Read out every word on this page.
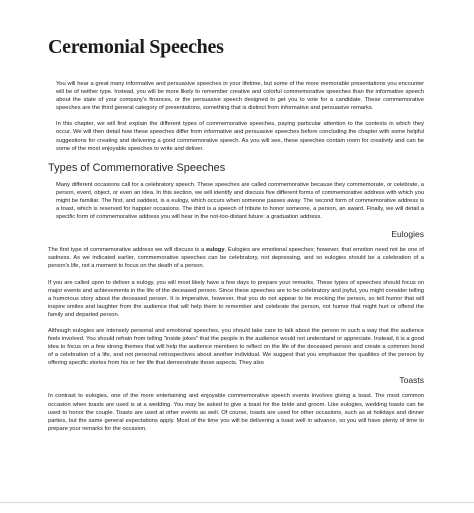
Ceremonial Speeches

You will hear a great many informative and persuasive speeches in your lifetime, but some of the more memorable presentations you encounter will be of neither type. Instead, you will be more likely to remember creative and colorful commemorative speeches than the informative speech about the state of your company's finances, or the persuasive speech designed to get you to vote for a candidate. These commemorative speeches are the third general category of presentations, something that is distinct from informative and persuasive remarks.

In this chapter, we will first explain the different types of commemorative speeches, paying particular attention to the contexts in which they occur. We will then detail how these speeches differ from informative and persuasive speeches before concluding the chapter with some helpful suggestions for creating and delivering a good commemorative speech. As you will see, these speeches contain room for creativity and can be some of the most enjoyable speeches to write and deliver.

Types of Commemorative Speeches

Many different occasions call for a celebratory speech. These speeches are called commemorative because they commemorate, or celebrate, a person, event, object, or even an idea. In this section, we will identify and discuss five different forms of commemorative address with which you might be familiar. The first, and saddest, is a eulogy, which occurs when someone passes away. The second form of commemorative address is a toast, which is reserved for happier occasions. The third is a speech of tribute to honor someone, a person, an award. Finally, we will detail a specific form of commemorative address you will hear in the not-too-distant future: a graduation address.

Eulogies

The first type of commemorative address we will discuss is a eulogy. Eulogies are emotional speeches; however, that emotion need not be one of sadness. As we indicated earlier, commemorative speeches can be celebratory, not depressing, and so eulogies should be a celebration of a person's life, not a moment to focus on the death of a person.

If you are called upon to deliver a eulogy, you will most likely have a few days to prepare your remarks. These types of speeches should focus on major events and achievements in the life of the deceased person. Since these speeches are to be celebratory and joyful, you might consider telling a humorous story about the deceased person. It is imperative, however, that you do not appear to be mocking the person, so tell humor that will inspire smiles and laughter from the audience that will help them to remember and celebrate the person, not humor that might hurt or offend the family and departed person.

Although eulogies are intensely personal and emotional speeches, you should take care to talk about the person in such a way that the audience feels involved. You should refrain from telling "inside jokes" that the people in the audience would not understand or appreciate. Instead, it is a good idea to focus on a few strong themes that will help the audience members to reflect on the life of the deceased person and create a common bond of a celebration of a life, and not personal retrospectives about another individual. We suggest that you emphasize the qualities of the person by offering specific stories from his or her life that demonstrate those aspects. They also

Toasts

In contrast to eulogies, one of the more entertaining and enjoyable commemorative speech events involves giving a toast. The most common occasion when toasts are used is at a wedding. You may be asked to give a toast for the bride and groom. Like eulogies, wedding toasts can be used to honor the couple. Toasts are used at other events as well. Of course, toasts are used for other occasions, such as at holidays and dinner parties, but the same general expectations apply. Most of the time you will be delivering a toast well in advance, so you will have plenty of time to prepare your remarks for the occasion.
